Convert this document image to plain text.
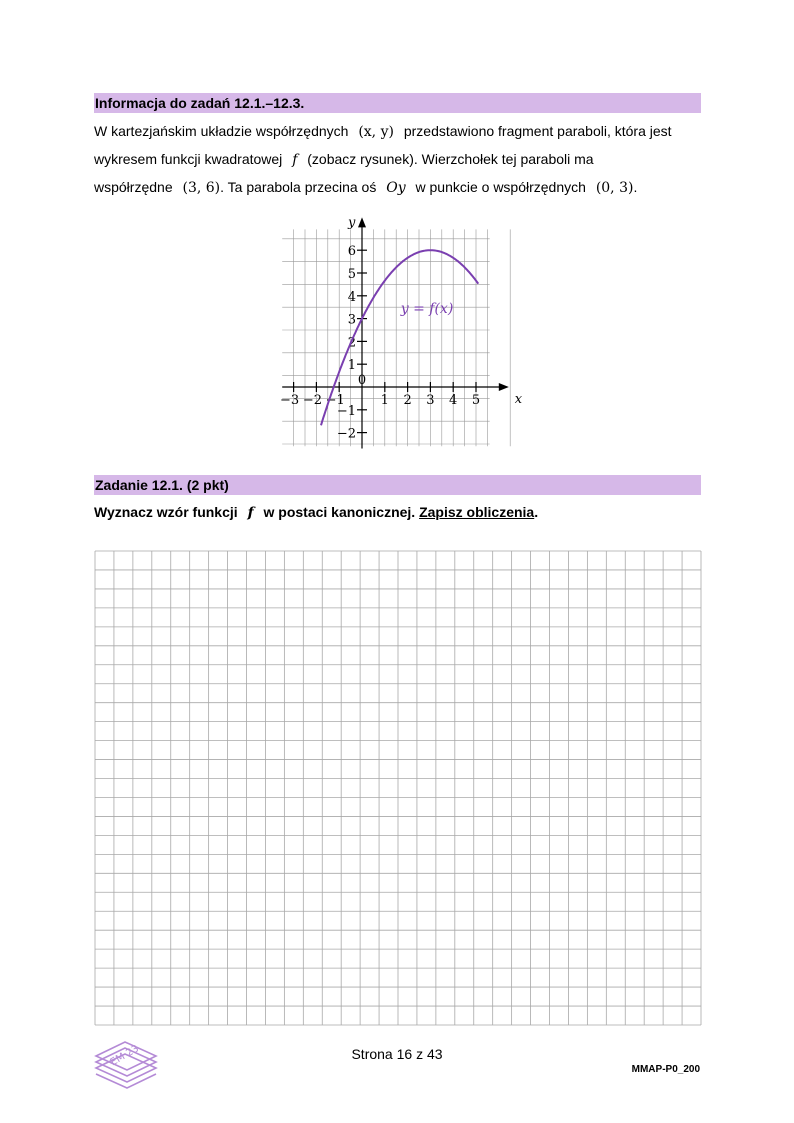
Informacja do zadań 12.1.–12.3.
W kartezjańskim układzie współrzędnych (x, y) przedstawiono fragment paraboli, która jest
wykresem funkcji kwadratowej f (zobacz rysunek). Wierzchołek tej paraboli ma
współrzędne (3, 6). Ta parabola przecina oś Oy w punkcie o współrzędnych (0, 3).
−3 −2 −1
0
1 2 3 4 5
6
5
4
3
2
1
−1
−2
x
y
y = f(x)
Zadanie 12.1. (2 pkt)
Wyznacz wzór funkcji f w postaci kanonicznej. Zapisz obliczenia.
EM 23	Strona 16 z 43
MMAP-P0_200
